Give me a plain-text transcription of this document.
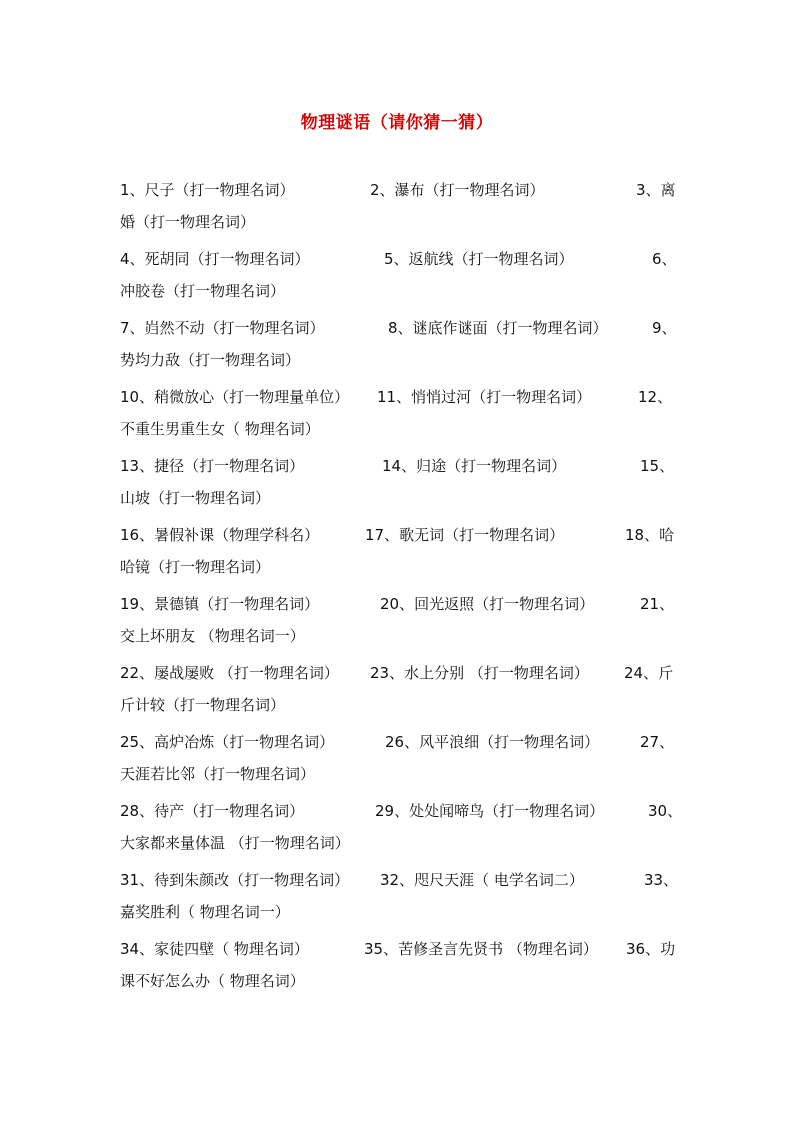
物理谜语（请你猜一猜）
1、尺子（打一物理名词）	2、瀑布（打一物理名词）	3、离
婚（打一物理名词）
4、死胡同（打一物理名词）	5、返航线（打一物理名词）	6、
冲胶卷（打一物理名词）
7、岿然不动（打一物理名词）	8、谜底作谜面（打一物理名词）	9、
势均力敌（打一物理名词）
10、稍微放心（打一物理量单位） 11、悄悄过河（打一物理名词）	12、
不重生男重生女（ 物理名词）
13、捷径（打一物理名词）	14、归途（打一物理名词）	15、
山坡（打一物理名词）
16、暑假补课（物理学科名）	17、歌无词（打一物理名词）	18、哈
哈镜（打一物理名词）
19、景德镇（打一物理名词）	20、回光返照（打一物理名词）	21、
交上坏朋友 （物理名词一）
22、屡战屡败 （打一物理名词） 23、水上分别 （打一物理名词） 24、斤
斤计较（打一物理名词）
25、高炉冶炼（打一物理名词）	26、风平浪细（打一物理名词）	27、
天涯若比邻（打一物理名词）
28、待产（打一物理名词）	29、处处闻啼鸟（打一物理名词）	30、
大家都来量体温 （打一物理名词）
31、待到朱颜改（打一物理名词） 32、咫尺天涯（ 电学名词二）	33、
嘉奖胜利（ 物理名词一）
34、家徒四壁（ 物理名词）	35、苦修圣言先贤书 （物理名词） 36、功
课不好怎么办（ 物理名词）
